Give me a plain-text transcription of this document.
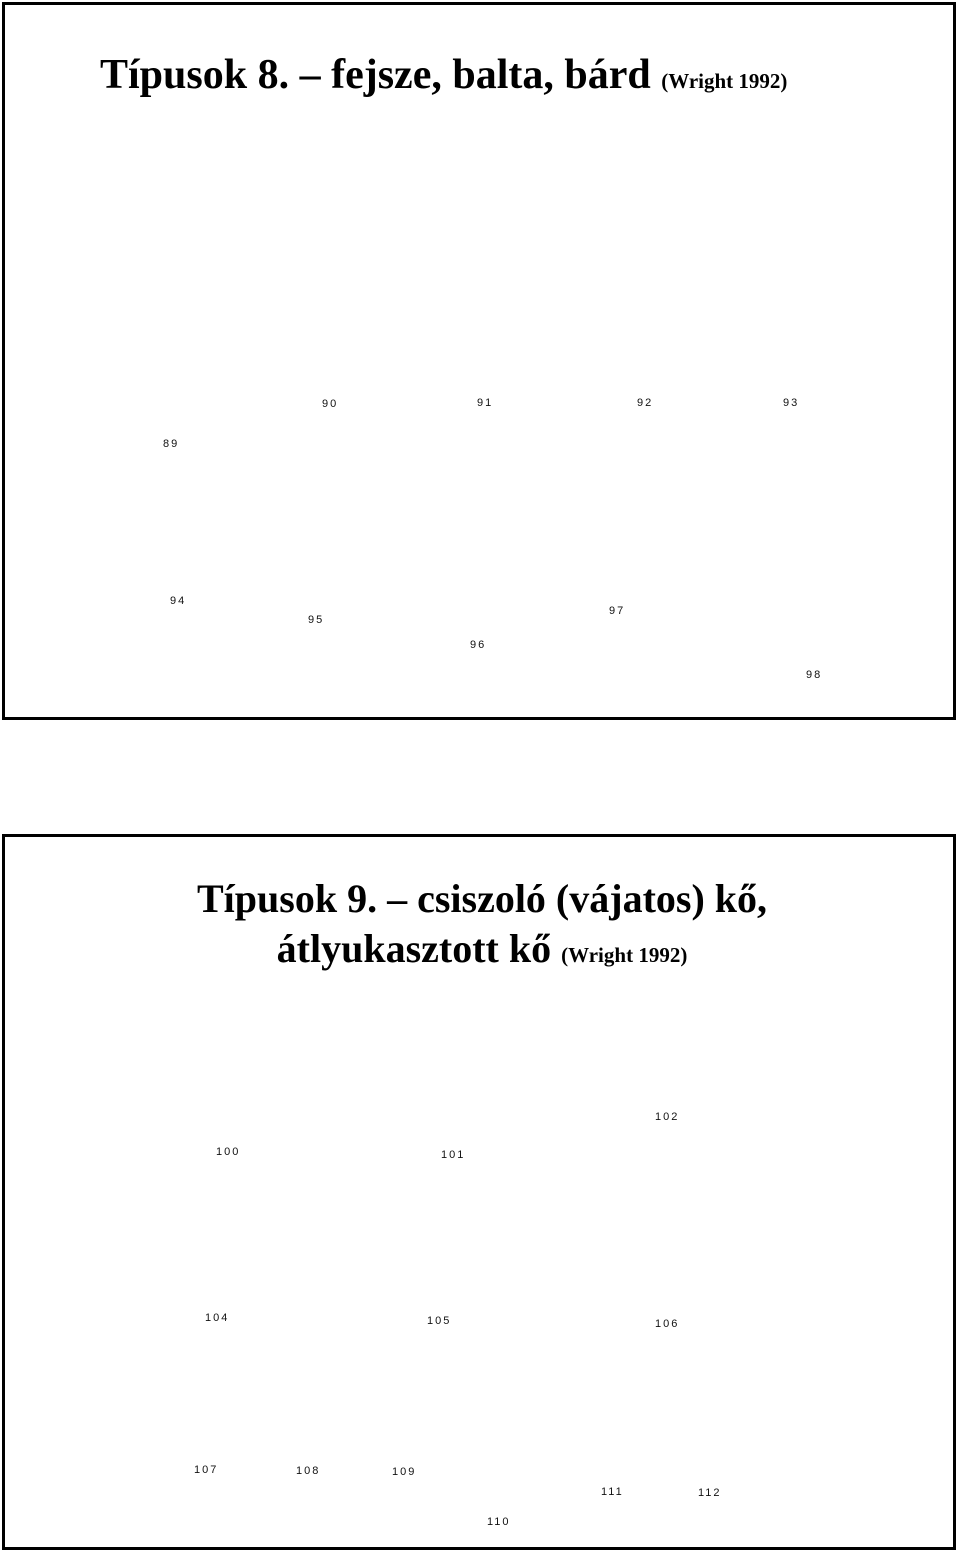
Típusok 8. – fejsze, balta, bárd (Wright 1992)
Típusok 9. – csiszoló (vájatos) kő,
átlyukasztott kő (Wright 1992)
89
90	91	92	93
94
95
96
97
98
100	101
102
104	105	106
107	108	109
110
111	112
